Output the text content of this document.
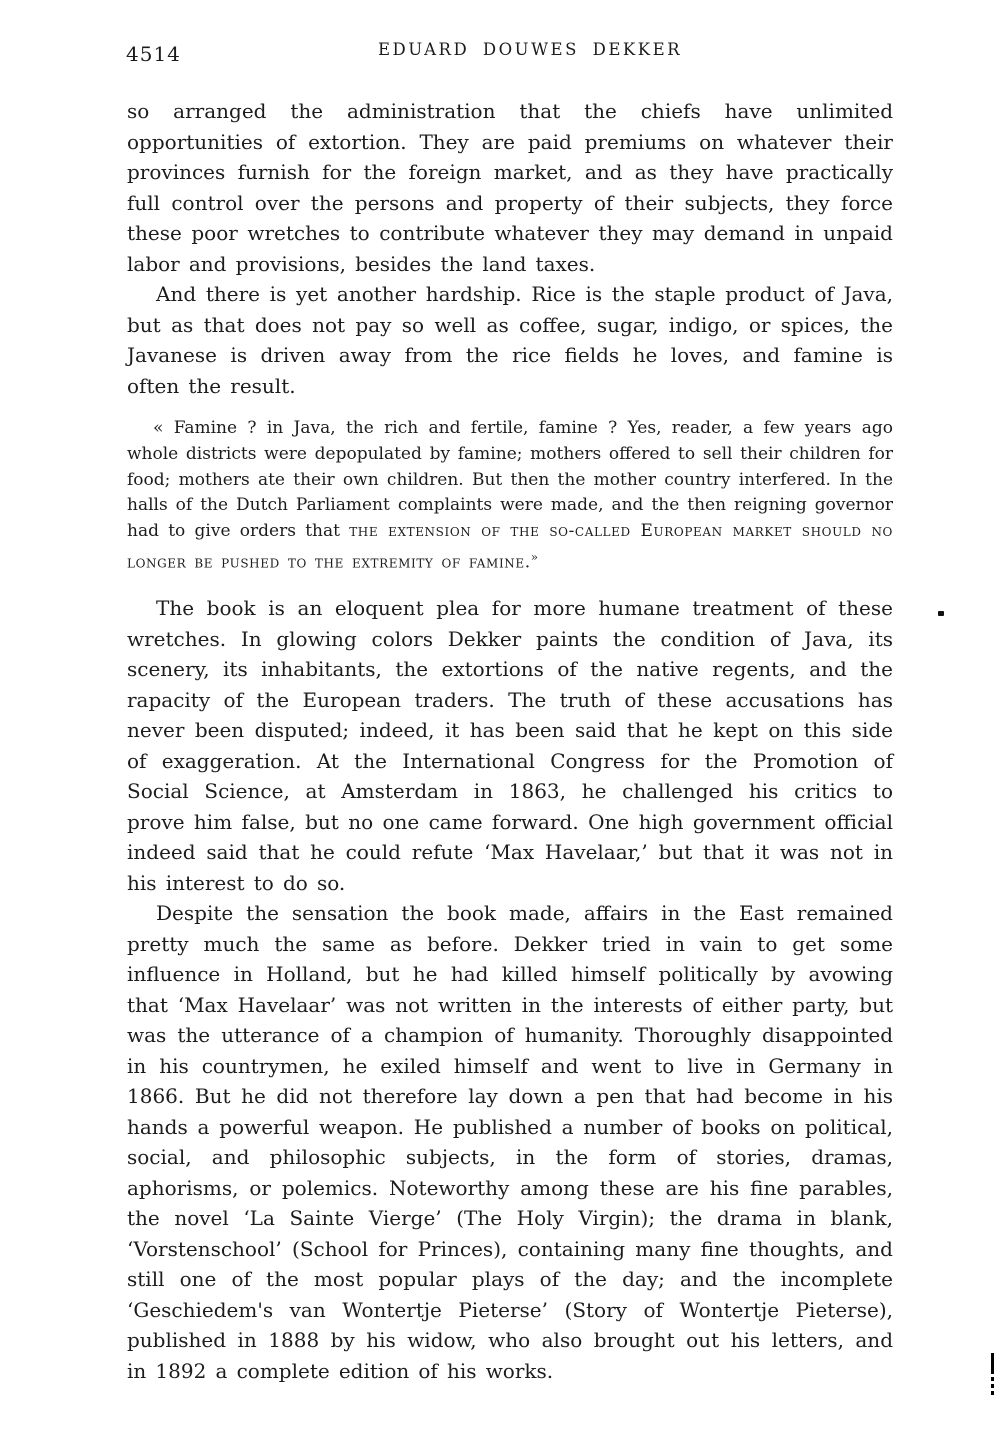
4514	EDUARD DOUWES DEKKER

so arranged the administration that the chiefs have unlimited opportunities of extortion. They are paid premiums on whatever their provinces furnish for the foreign market, and as they have practically full control over the persons and property of their subjects, they force these poor wretches to contribute whatever they may demand in unpaid labor and provisions, besides the land taxes.

And there is yet another hardship. Rice is the staple product of Java, but as that does not pay so well as coffee, sugar, indigo, or spices, the Javanese is driven away from the rice fields he loves, and famine is often the result.

« Famine ? in Java, the rich and fertile, famine ? Yes, reader, a few years ago whole districts were depopulated by famine; mothers offered to sell their children for food; mothers ate their own children. But then the mother country interfered. In the halls of the Dutch Parliament complaints were made, and the then reigning governor had to give orders that the extension of the so-called European market should no longer be pushed to the extremity of famine.»

The book is an eloquent plea for more humane treatment of these wretches. In glowing colors Dekker paints the condition of Java, its scenery, its inhabitants, the extortions of the native regents, and the rapacity of the European traders. The truth of these accusations has never been disputed; indeed, it has been said that he kept on this side of exaggeration. At the International Congress for the Promotion of Social Science, at Amsterdam in 1863, he challenged his critics to prove him false, but no one came forward. One high government official indeed said that he could refute ‘Max Havelaar,’ but that it was not in his interest to do so.

Despite the sensation the book made, affairs in the East remained pretty much the same as before. Dekker tried in vain to get some influence in Holland, but he had killed himself politically by avowing that ‘Max Havelaar’ was not written in the interests of either party, but was the utterance of a champion of humanity. Thoroughly disappointed in his countrymen, he exiled himself and went to live in Germany in 1866. But he did not therefore lay down a pen that had become in his hands a powerful weapon. He published a number of books on political, social, and philosophic subjects, in the form of stories, dramas, aphorisms, or polemics. Noteworthy among these are his fine parables, the novel ‘La Sainte Vierge’ (The Holy Virgin); the drama in blank, ‘Vorstenschool’ (School for Princes), containing many fine thoughts, and still one of the most popular plays of the day; and the incomplete ‘Geschiedem's van Wontertje Pieterse’ (Story of Wontertje Pieterse), published in 1888 by his widow, who also brought out his letters, and in 1892 a complete edition of his works.
